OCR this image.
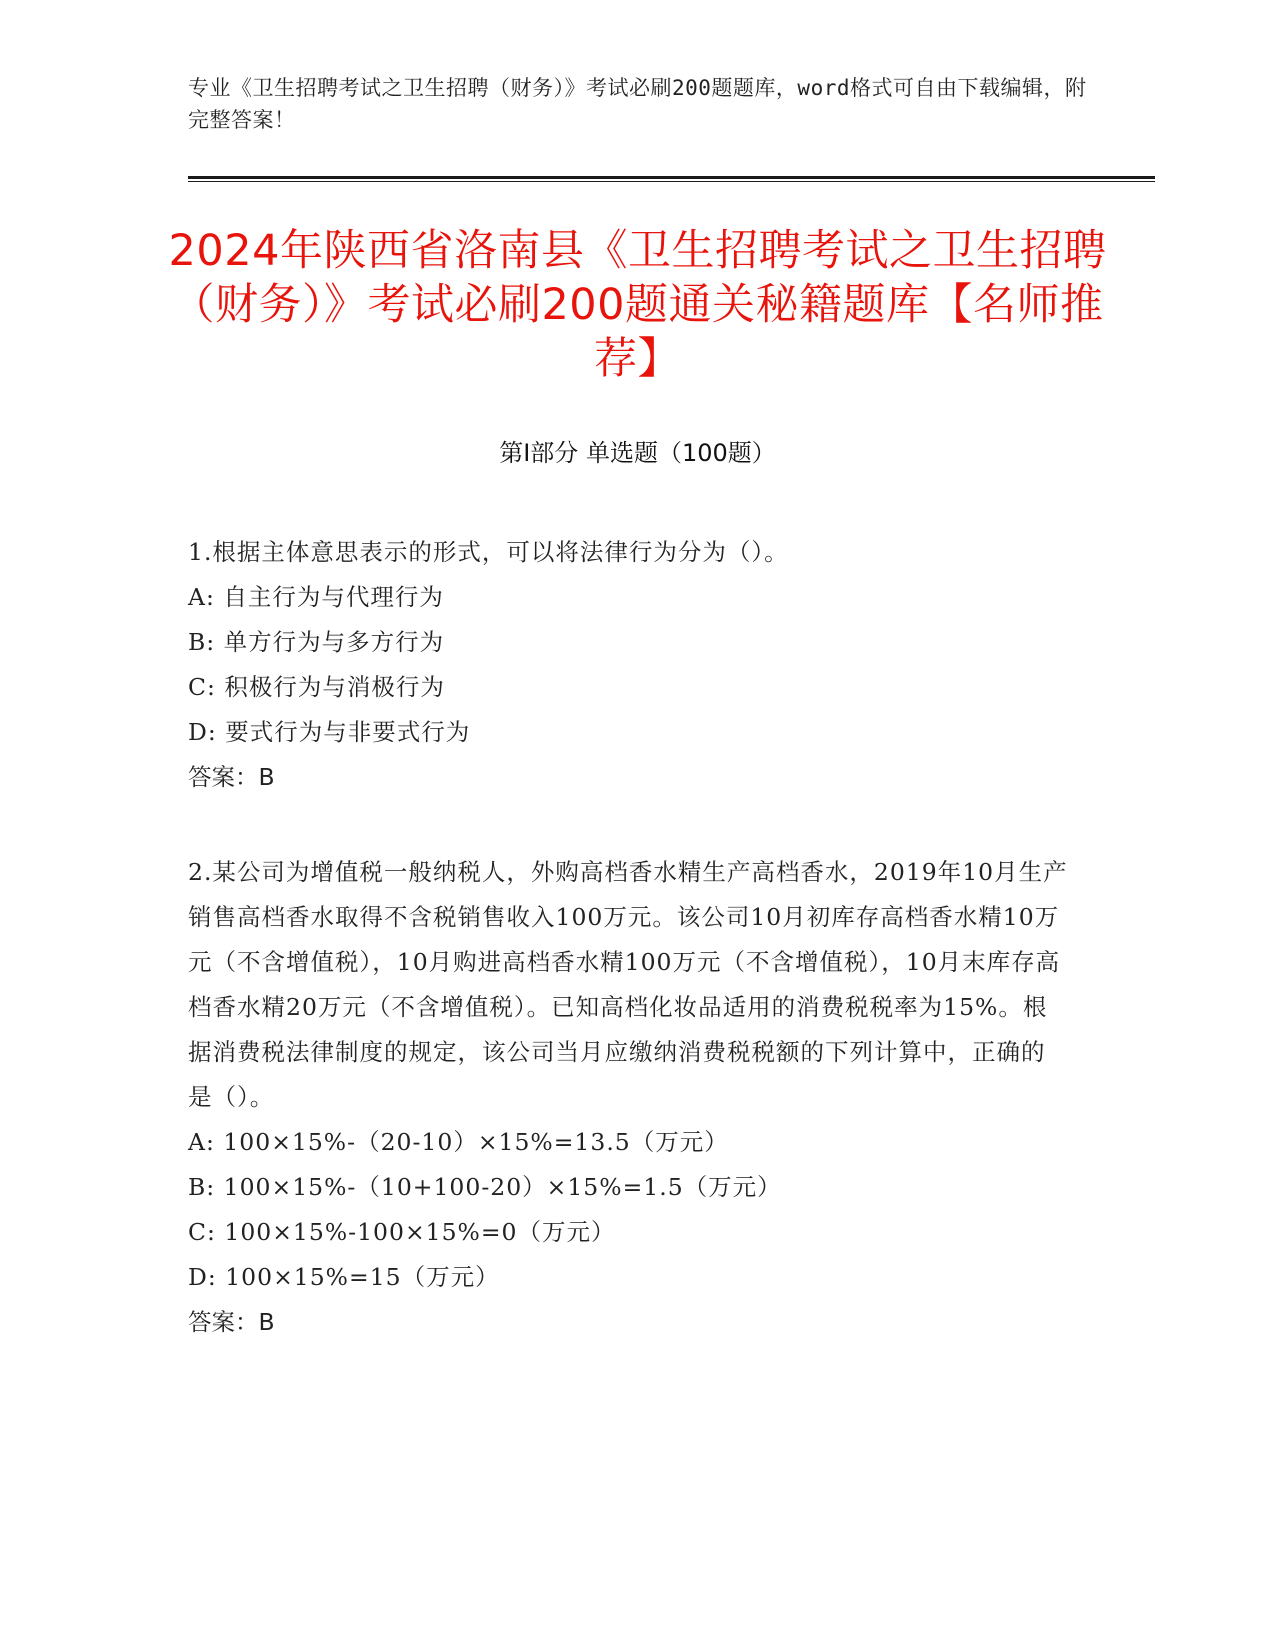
专业《卫生招聘考试之卫生招聘（财务）》考试必刷200题题库，word格式可自由下载编辑，附完整答案！
2024年陕西省洛南县《卫生招聘考试之卫生招聘（财务）》考试必刷200题通关秘籍题库【名师推荐】
第I部分 单选题（100题）

1.根据主体意思表示的形式，可以将法律行为分为（）。

A: 自主行为与代理行为

B: 单方行为与多方行为

C: 积极行为与消极行为

D: 要式行为与非要式行为

答案：B

2.某公司为增值税一般纳税人，外购高档香水精生产高档香水，2019年10月生产销售高档香水取得不含税销售收入100万元。该公司10月初库存高档香水精10万元（不含增值税），10月购进高档香水精100万元（不含增值税），10月末库存高档香水精20万元（不含增值税）。已知高档化妆品适用的消费税税率为15%。根据消费税法律制度的规定，该公司当月应缴纳消费税税额的下列计算中，正确的是（）。

A: 100×15%-（20-10）×15%=13.5（万元）

B: 100×15%-（10+100-20）×15%=1.5（万元）

C: 100×15%-100×15%=0（万元）

D: 100×15%=15（万元）

答案：B
